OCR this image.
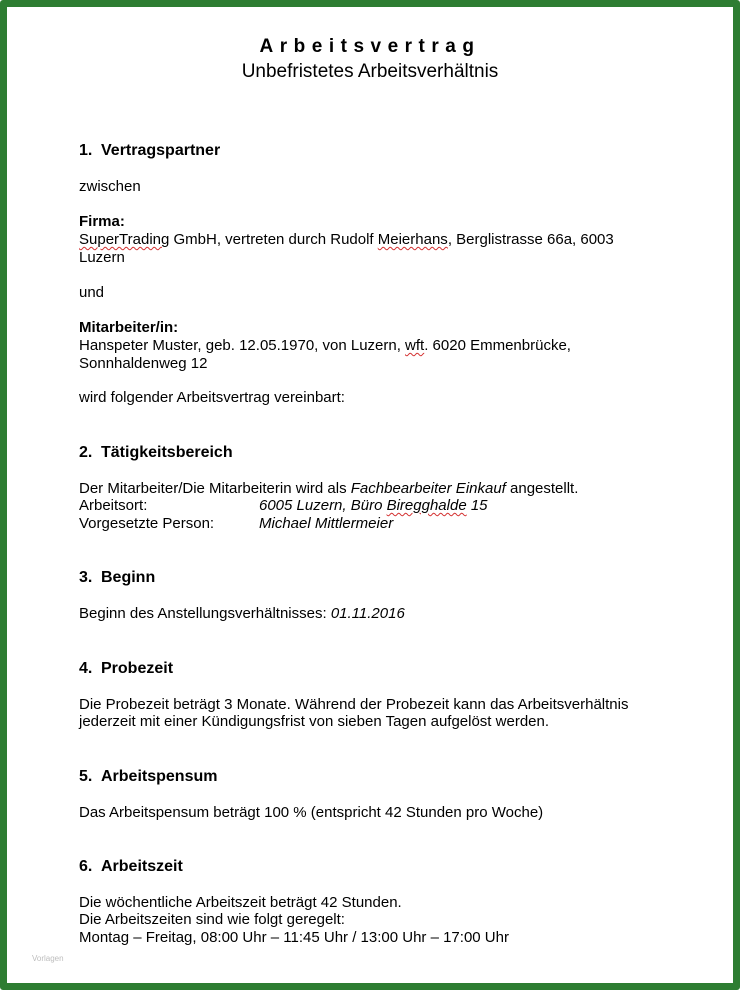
Arbeitsvertrag
Unbefristetes Arbeitsverhältnis
1. Vertragspartner
zwischen
Firma:
SuperTrading GmbH, vertreten durch Rudolf Meierhans, Berglistrasse 66a, 6003
Luzern
und
Mitarbeiter/in:
Hanspeter Muster, geb. 12.05.1970, von Luzern, wft. 6020 Emmenbrücke,
Sonnhaldenweg 12
wird folgender Arbeitsvertrag vereinbart:
2. Tätigkeitsbereich
Der Mitarbeiter/Die Mitarbeiterin wird als Fachbearbeiter Einkauf angestellt.
Arbeitsort:	6005 Luzern, Büro Biregghalde 15
Vorgesetzte Person:	Michael Mittlermeier
3. Beginn
Beginn des Anstellungsverhältnisses: 01.11.2016
4. Probezeit
Die Probezeit beträgt 3 Monate. Während der Probezeit kann das Arbeitsverhältnis
jederzeit mit einer Kündigungsfrist von sieben Tagen aufgelöst werden.
5. Arbeitspensum
Das Arbeitspensum beträgt 100 % (entspricht 42 Stunden pro Woche)
6. Arbeitszeit
Die wöchentliche Arbeitszeit beträgt 42 Stunden.
Die Arbeitszeiten sind wie folgt geregelt:
Montag – Freitag, 08:00 Uhr – 11:45 Uhr / 13:00 Uhr – 17:00 Uhr
Vorlagen
